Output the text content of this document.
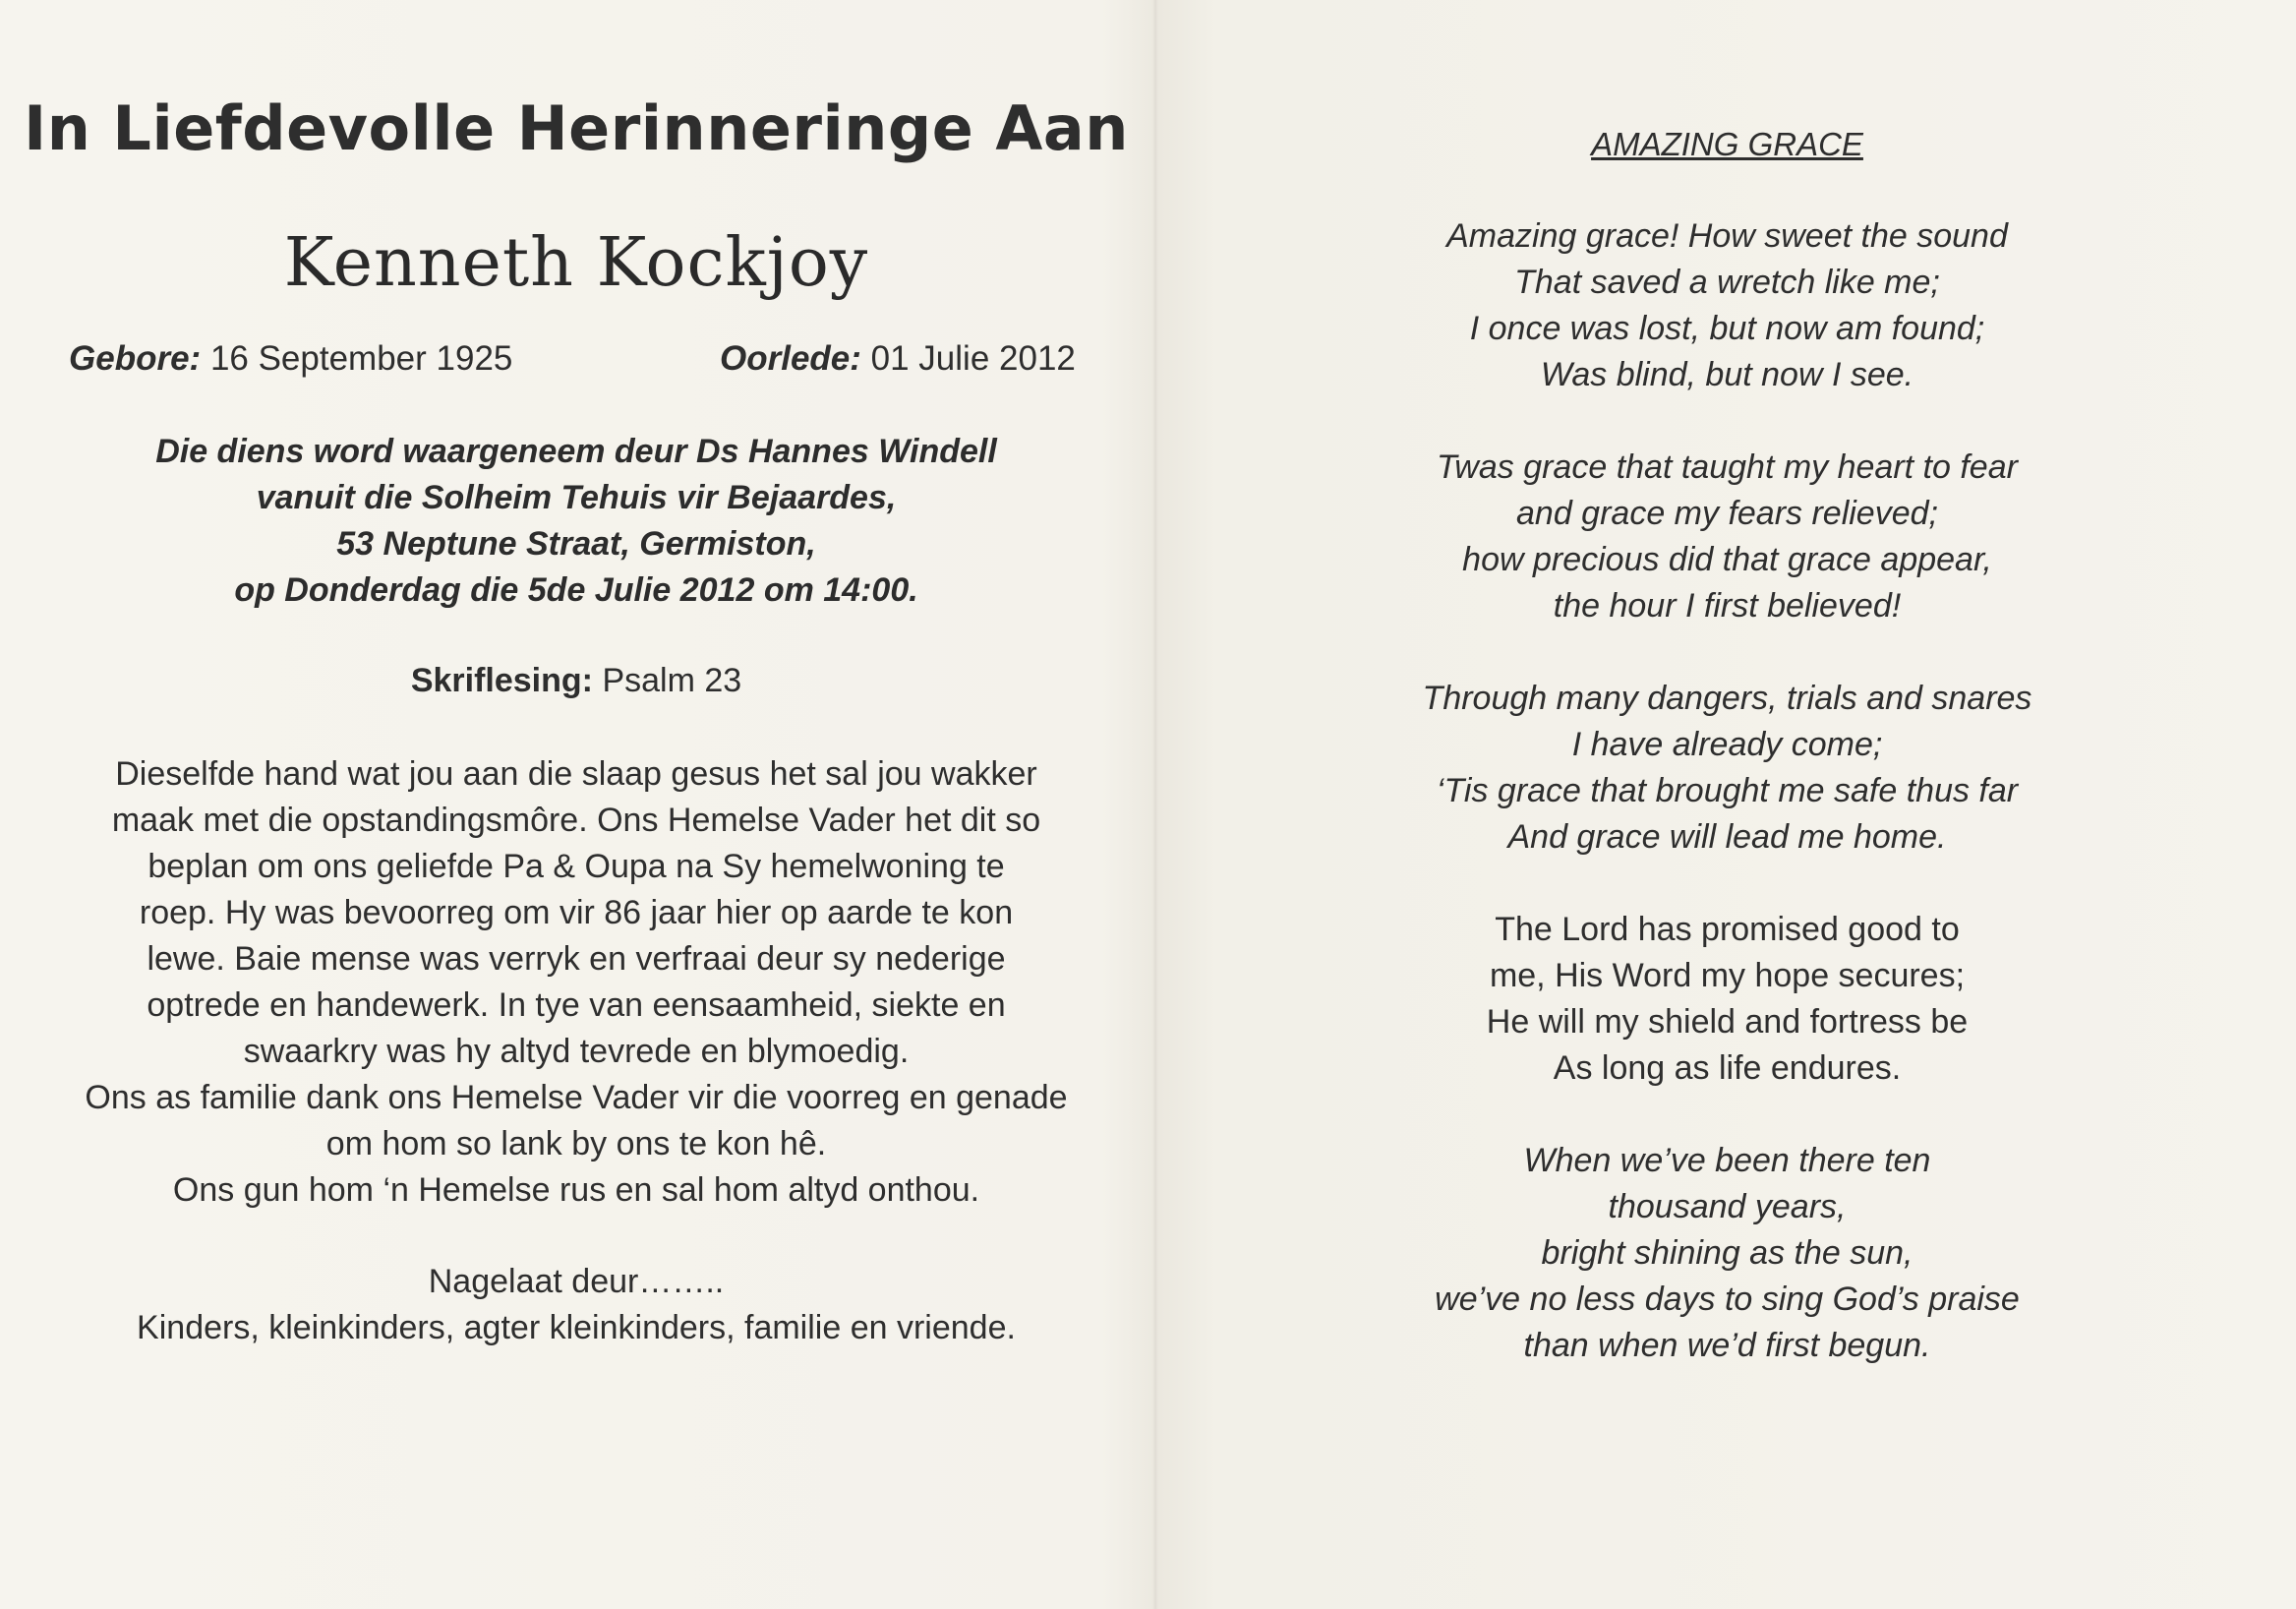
In Liefdevolle Herinneringe Aan
Kenneth Kockjoy
Gebore: 16 September 1925	Oorlede: 01 Julie 2012
Die diens word waargeneem deur Ds Hannes Windell
vanuit die Solheim Tehuis vir Bejaardes,
53 Neptune Straat, Germiston,
op Donderdag die 5de Julie 2012 om 14:00.
Skriflesing: Psalm 23
Dieselfde hand wat jou aan die slaap gesus het sal jou wakker
maak met die opstandingsmôre. Ons Hemelse Vader het dit so
beplan om ons geliefde Pa & Oupa na Sy hemelwoning te
roep. Hy was bevoorreg om vir 86 jaar hier op aarde te kon
lewe. Baie mense was verryk en verfraai deur sy nederige
optrede en handewerk. In tye van eensaamheid, siekte en
swaarkry was hy altyd tevrede en blymoedig.
Ons as familie dank ons Hemelse Vader vir die voorreg en genade
om hom so lank by ons te kon hê.
Ons gun hom ‘n Hemelse rus en sal hom altyd onthou.
Nagelaat deur……..
Kinders, kleinkinders, agter kleinkinders, familie en vriende.
AMAZING GRACE
Amazing grace! How sweet the sound
That saved a wretch like me;
I once was lost, but now am found;
Was blind, but now I see.
Twas grace that taught my heart to fear
and grace my fears relieved;
how precious did that grace appear,
the hour I first believed!
Through many dangers, trials and snares
I have already come;
‘Tis grace that brought me safe thus far
And grace will lead me home.
The Lord has promised good to
me, His Word my hope secures;
He will my shield and fortress be
As long as life endures.
When we’ve been there ten
thousand years,
bright shining as the sun,
we’ve no less days to sing God’s praise
than when we’d first begun.
